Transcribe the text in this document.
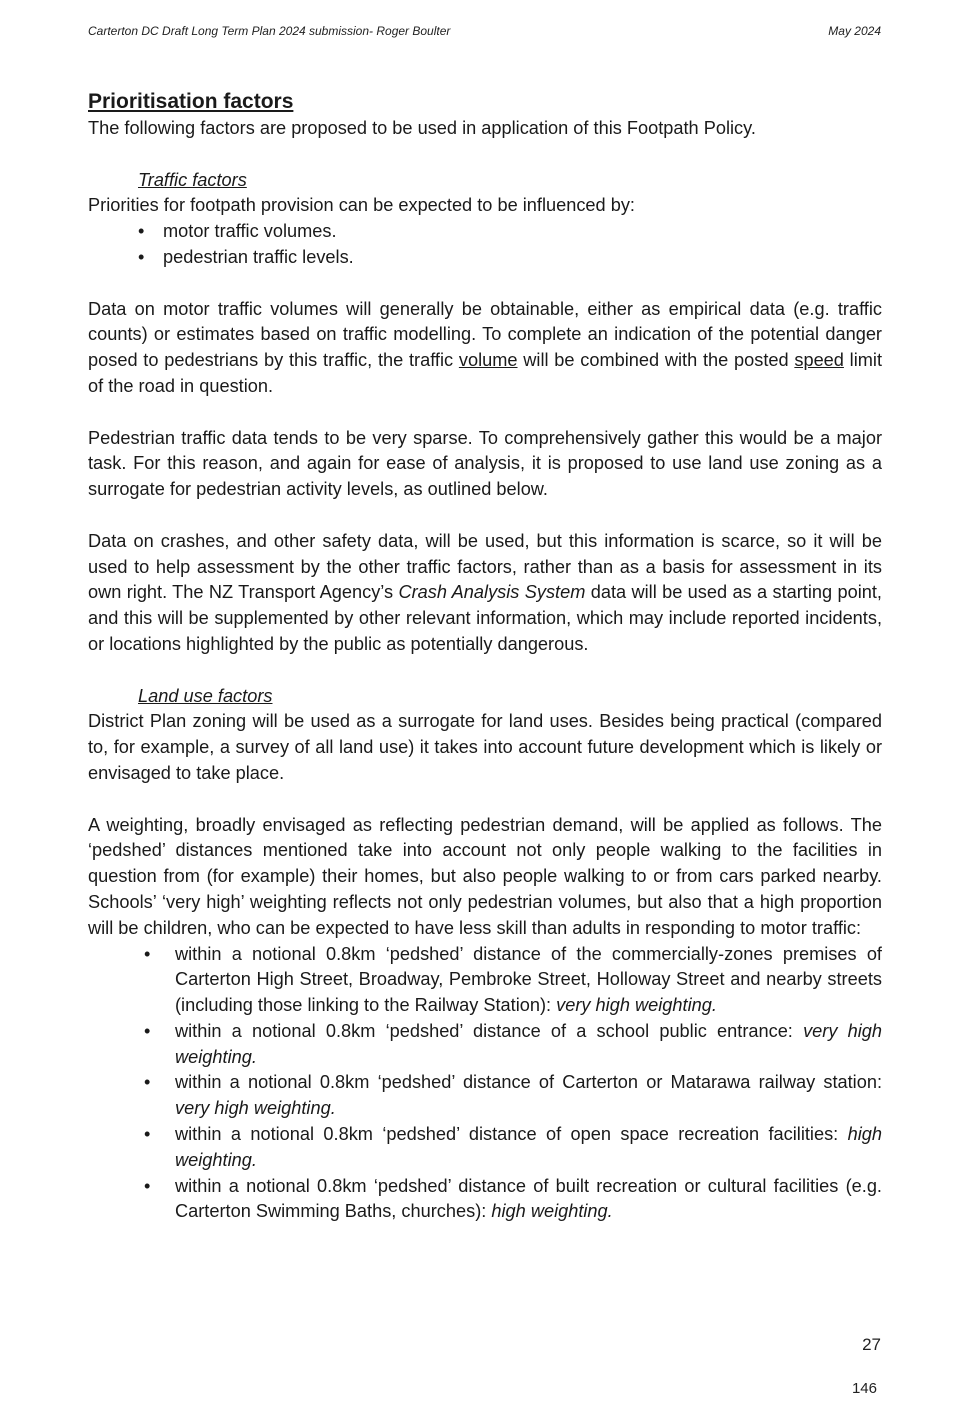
Carterton DC Draft Long Term Plan 2024 submission- Roger Boulter	May 2024
Prioritisation factors

The following factors are proposed to be used in application of this Footpath Policy.

Traffic factors

Priorities for footpath provision can be expected to be influenced by:

• motor traffic volumes.
• pedestrian traffic levels.

Data on motor traffic volumes will generally be obtainable, either as empirical data (e.g. traffic counts) or estimates based on traffic modelling. To complete an indication of the potential danger posed to pedestrians by this traffic, the traffic volume will be combined with the posted speed limit of the road in question.

Pedestrian traffic data tends to be very sparse. To comprehensively gather this would be a major task. For this reason, and again for ease of analysis, it is proposed to use land use zoning as a surrogate for pedestrian activity levels, as outlined below.

Data on crashes, and other safety data, will be used, but this information is scarce, so it will be used to help assessment by the other traffic factors, rather than as a basis for assessment in its own right. The NZ Transport Agency’s Crash Analysis System data will be used as a starting point, and this will be supplemented by other relevant information, which may include reported incidents, or locations highlighted by the public as potentially dangerous.

Land use factors

District Plan zoning will be used as a surrogate for land uses. Besides being practical (compared to, for example, a survey of all land use) it takes into account future development which is likely or envisaged to take place.

A weighting, broadly envisaged as reflecting pedestrian demand, will be applied as follows. The ‘pedshed’ distances mentioned take into account not only people walking to the facilities in question from (for example) their homes, but also people walking to or from cars parked nearby. Schools’ ‘very high’ weighting reflects not only pedestrian volumes, but also that a high proportion will be children, who can be expected to have less skill than adults in responding to motor traffic:

• within a notional 0.8km ‘pedshed’ distance of the commercially-zones premises of Carterton High Street, Broadway, Pembroke Street, Holloway Street and nearby streets (including those linking to the Railway Station): very high weighting.
• within a notional 0.8km ‘pedshed’ distance of a school public entrance: very high weighting.
• within a notional 0.8km ‘pedshed’ distance of Carterton or Matarawa railway station: very high weighting.
• within a notional 0.8km ‘pedshed’ distance of open space recreation facilities: high weighting.
• within a notional 0.8km ‘pedshed’ distance of built recreation or cultural facilities (e.g. Carterton Swimming Baths, churches): high weighting.
27
146
